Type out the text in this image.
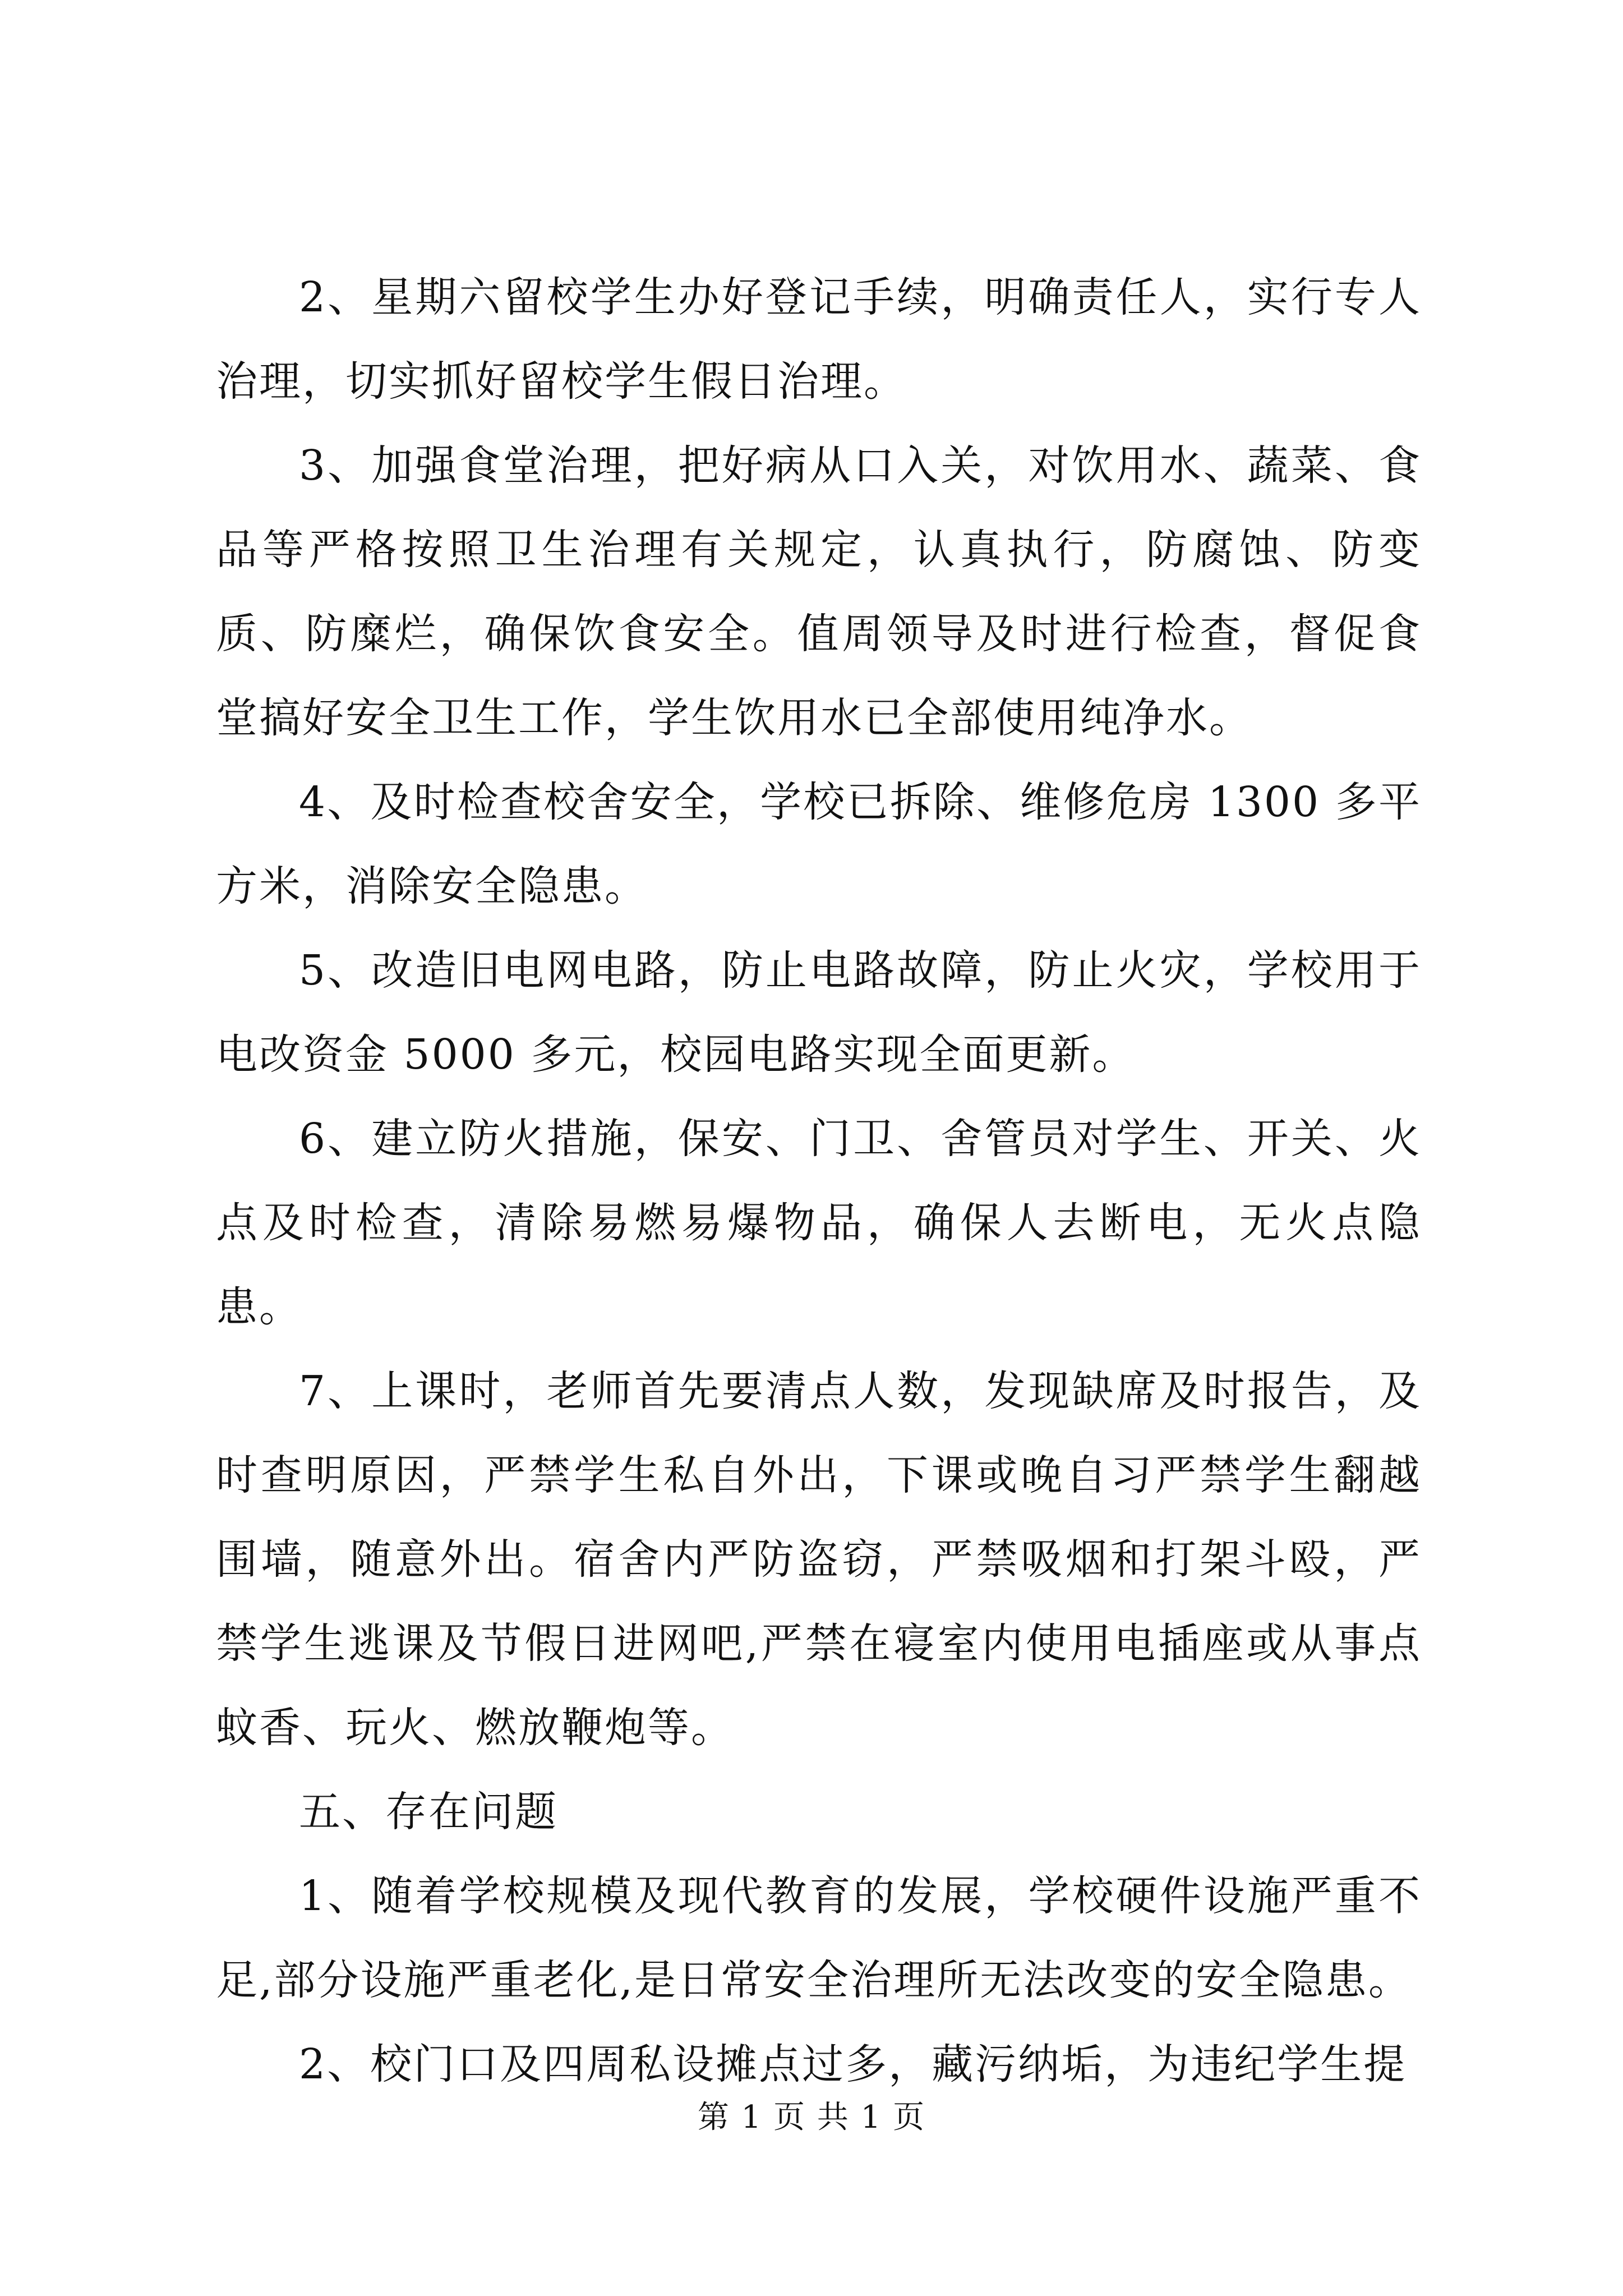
2、星期六留校学生办好登记手续，明确责任人，实行专人治理，切实抓好留校学生假日治理。

3、加强食堂治理，把好病从口入关，对饮用水、蔬菜、食品等严格按照卫生治理有关规定，认真执行，防腐蚀、防变质、防糜烂，确保饮食安全。值周领导及时进行检查，督促食堂搞好安全卫生工作，学生饮用水已全部使用纯净水。

4、及时检查校舍安全，学校已拆除、维修危房 1300 多平方米，消除安全隐患。

5、改造旧电网电路，防止电路故障，防止火灾，学校用于电改资金 5000 多元，校园电路实现全面更新。

6、建立防火措施，保安、门卫、舍管员对学生、开关、火点及时检查，清除易燃易爆物品，确保人去断电，无火点隐患。

7、上课时，老师首先要清点人数，发现缺席及时报告，及时查明原因，严禁学生私自外出，下课或晚自习严禁学生翻越围墙，随意外出。宿舍内严防盗窃，严禁吸烟和打架斗殴，严禁学生逃课及节假日进网吧,严禁在寝室内使用电插座或从事点蚊香、玩火、燃放鞭炮等。

五、存在问题

1、随着学校规模及现代教育的发展，学校硬件设施严重不足,部分设施严重老化,是日常安全治理所无法改变的安全隐患。

2、校门口及四周私设摊点过多，藏污纳垢，为违纪学生提

第 1 页 共 1 页
